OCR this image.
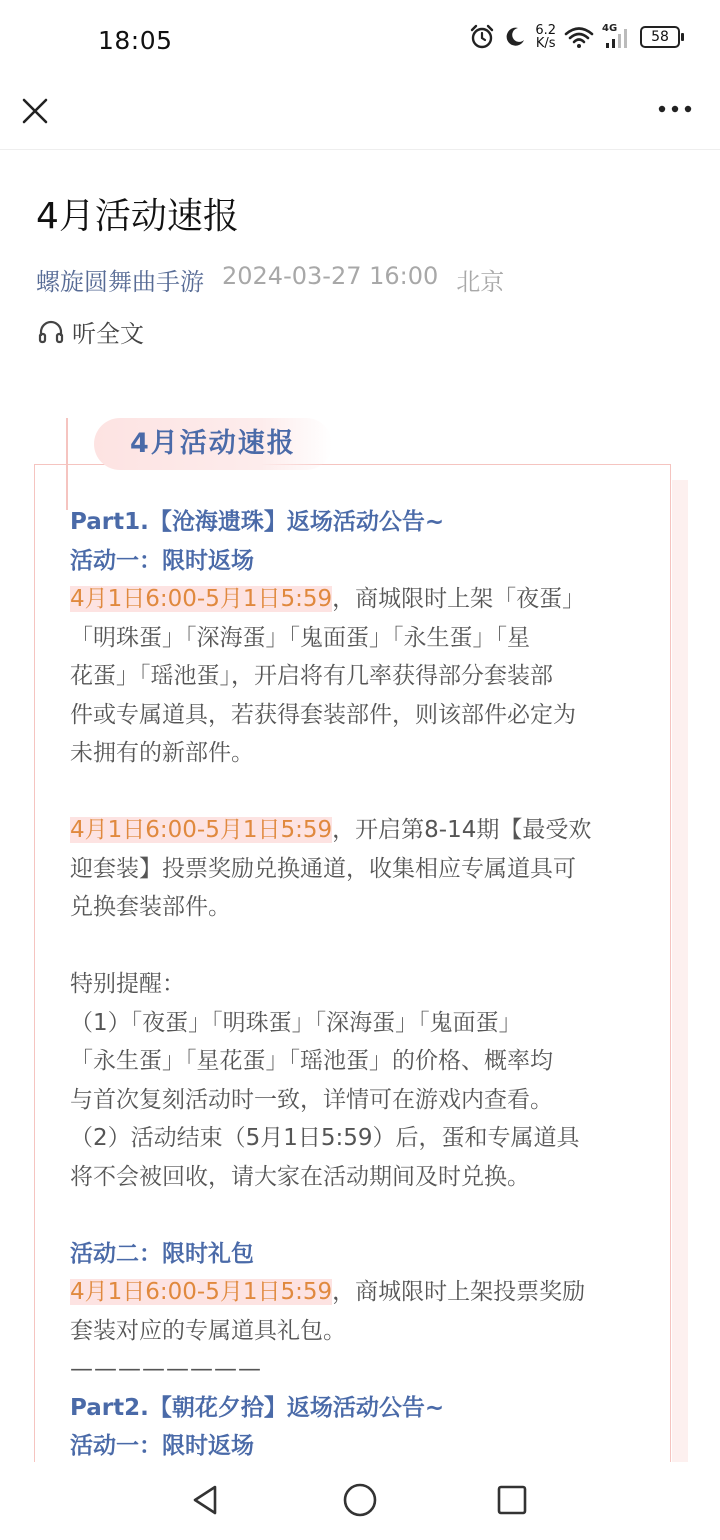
18:05	6.2
K/s
4G
58
4月活动速报
螺旋圆舞曲手游 2024-03-27 16:00 北京
听全文
4月活动速报

Part1.【沧海遗珠】返场活动公告~

活动一：限时返场

4月1日6:00-5月1日5:59，商城限时上架「夜蛋」

「明珠蛋」「深海蛋」「鬼面蛋」「永生蛋」「星

花蛋」「瑶池蛋」，开启将有几率获得部分套装部

件或专属道具，若获得套装部件，则该部件必定为

未拥有的新部件。

4月1日6:00-5月1日5:59，开启第8-14期【最受欢

迎套装】投票奖励兑换通道，收集相应专属道具可

兑换套装部件。

特别提醒：

（1）「夜蛋」「明珠蛋」「深海蛋」「鬼面蛋」

「永生蛋」「星花蛋」「瑶池蛋」的价格、概率均

与首次复刻活动时一致，详情可在游戏内查看。

（2）活动结束（5月1日5:59）后，蛋和专属道具

将不会被回收，请大家在活动期间及时兑换。

活动二：限时礼包

4月1日6:00-5月1日5:59，商城限时上架投票奖励

套装对应的专属道具礼包。

————————

Part2.【朝花夕拾】返场活动公告~

活动一：限时返场
